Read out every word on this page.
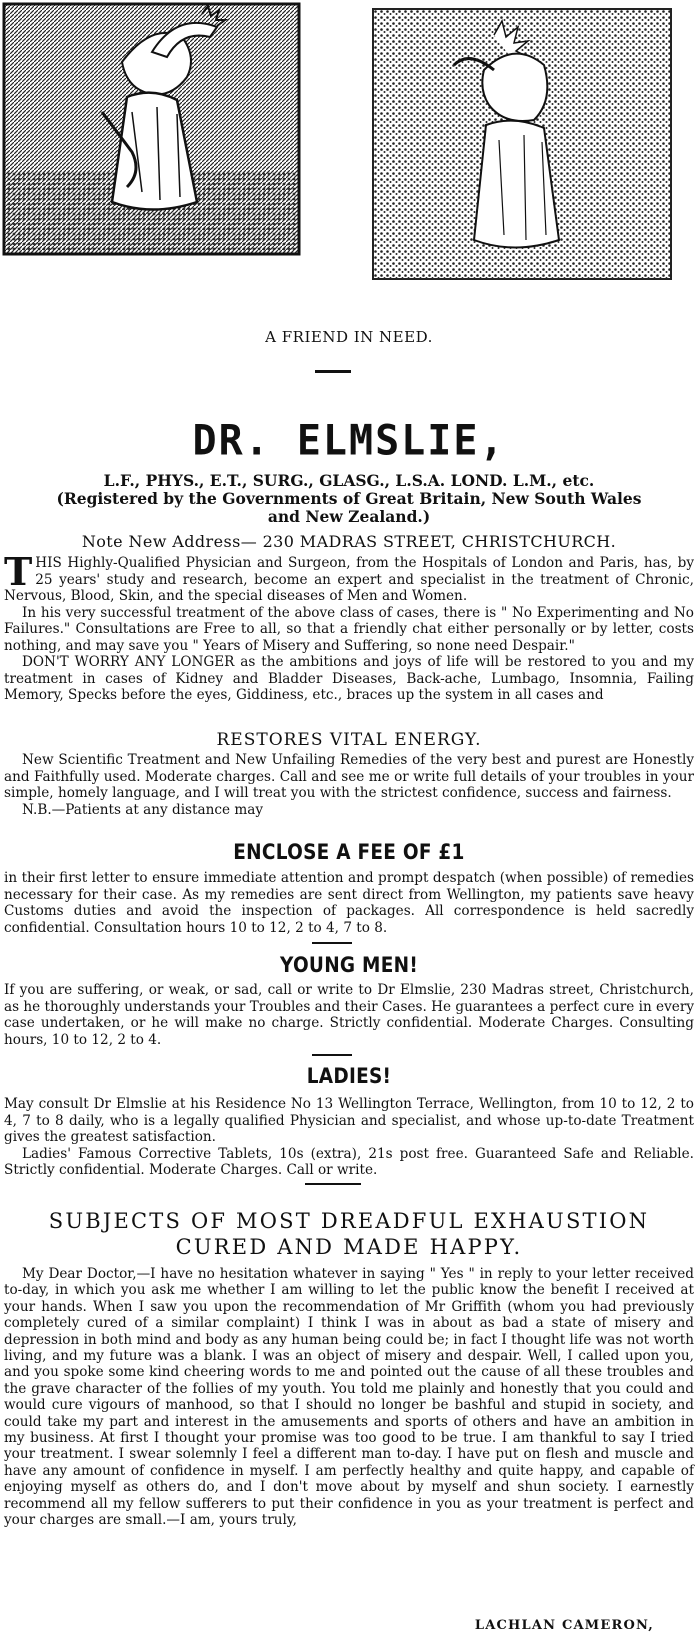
A FRIEND IN NEED.
DR. ELMSLIE,
L.F., PHYS., E.T., SURG., GLASG., L.S.A. LOND. L.M., etc.
(Registered by the Governments of Great Britain, New South Wales and New Zealand.)
Note New Address— 230 MADRAS STREET, CHRISTCHURCH.

THIS Highly-Qualified Physician and Surgeon, from the Hospitals of London and Paris, has, by 25 years' study and research, become an expert and specialist in the treatment of Chronic, Nervous, Blood, Skin, and the special diseases of Men and Women.

In his very successful treatment of the above class of cases, there is " No Experimenting and No Failures." Consultations are Free to all, so that a friendly chat either personally or by letter, costs nothing, and may save you " Years of Misery and Suffering, so none need Despair."

DON'T WORRY ANY LONGER as the ambitions and joys of life will be restored to you and my treatment in cases of Kidney and Bladder Diseases, Back-ache, Lumbago, Insomnia, Failing Memory, Specks before the eyes, Giddiness, etc., braces up the system in all cases and

RESTORES VITAL ENERGY.

New Scientific Treatment and New Unfailing Remedies of the very best and purest are Honestly and Faithfully used. Moderate charges. Call and see me or write full details of your troubles in your simple, homely language, and I will treat you with the strictest confidence, success and fairness.

N.B.—Patients at any distance may

ENCLOSE A FEE OF £1
in their first letter to ensure immediate attention and prompt despatch (when possible) of remedies necessary for their case. As my remedies are sent direct from Wellington, my patients save heavy Customs duties and avoid the inspection of packages. All correspondence is held sacredly confidential. Consultation hours 10 to 12, 2 to 4, 7 to 8.
YOUNG MEN!
If you are suffering, or weak, or sad, call or write to Dr Elmslie, 230 Madras street, Christchurch, as he thoroughly understands your Troubles and their Cases. He guarantees a perfect cure in every case undertaken, or he will make no charge. Strictly confidential. Moderate Charges. Consulting hours, 10 to 12, 2 to 4.
LADIES!

May consult Dr Elmslie at his Residence No 13 Wellington Terrace, Wellington, from 10 to 12, 2 to 4, 7 to 8 daily, who is a legally qualified Physician and specialist, and whose up-to-date Treatment gives the greatest satisfaction.

Ladies' Famous Corrective Tablets, 10s (extra), 21s post free. Guaranteed Safe and Reliable. Strictly confidential. Moderate Charges. Call or write.

SUBJECTS OF MOST DREADFUL EXHAUSTION
CURED AND MADE HAPPY.

My Dear Doctor,—I have no hesitation whatever in saying " Yes " in reply to your letter received to-day, in which you ask me whether I am willing to let the public know the benefit I received at your hands. When I saw you upon the recommendation of Mr Griffith (whom you had previously completely cured of a similar complaint) I think I was in about as bad a state of misery and depression in both mind and body as any human being could be; in fact I thought life was not worth living, and my future was a blank. I was an object of misery and despair. Well, I called upon you, and you spoke some kind cheering words to me and pointed out the cause of all these troubles and the grave character of the follies of my youth. You told me plainly and honestly that you could and would cure vigours of manhood, so that I should no longer be bashful and stupid in society, and could take my part and interest in the amusements and sports of others and have an ambition in my business. At first I thought your promise was too good to be true. I am thankful to say I tried your treatment. I swear solemnly I feel a different man to-day. I have put on flesh and muscle and have any amount of confidence in myself. I am perfectly healthy and quite happy, and capable of enjoying myself as others do, and I don't move about by myself and shun society. I earnestly recommend all my fellow sufferers to put their confidence in you as your treatment is perfect and your charges are small.—I am, yours truly,

LACHLAN CAMERON,
